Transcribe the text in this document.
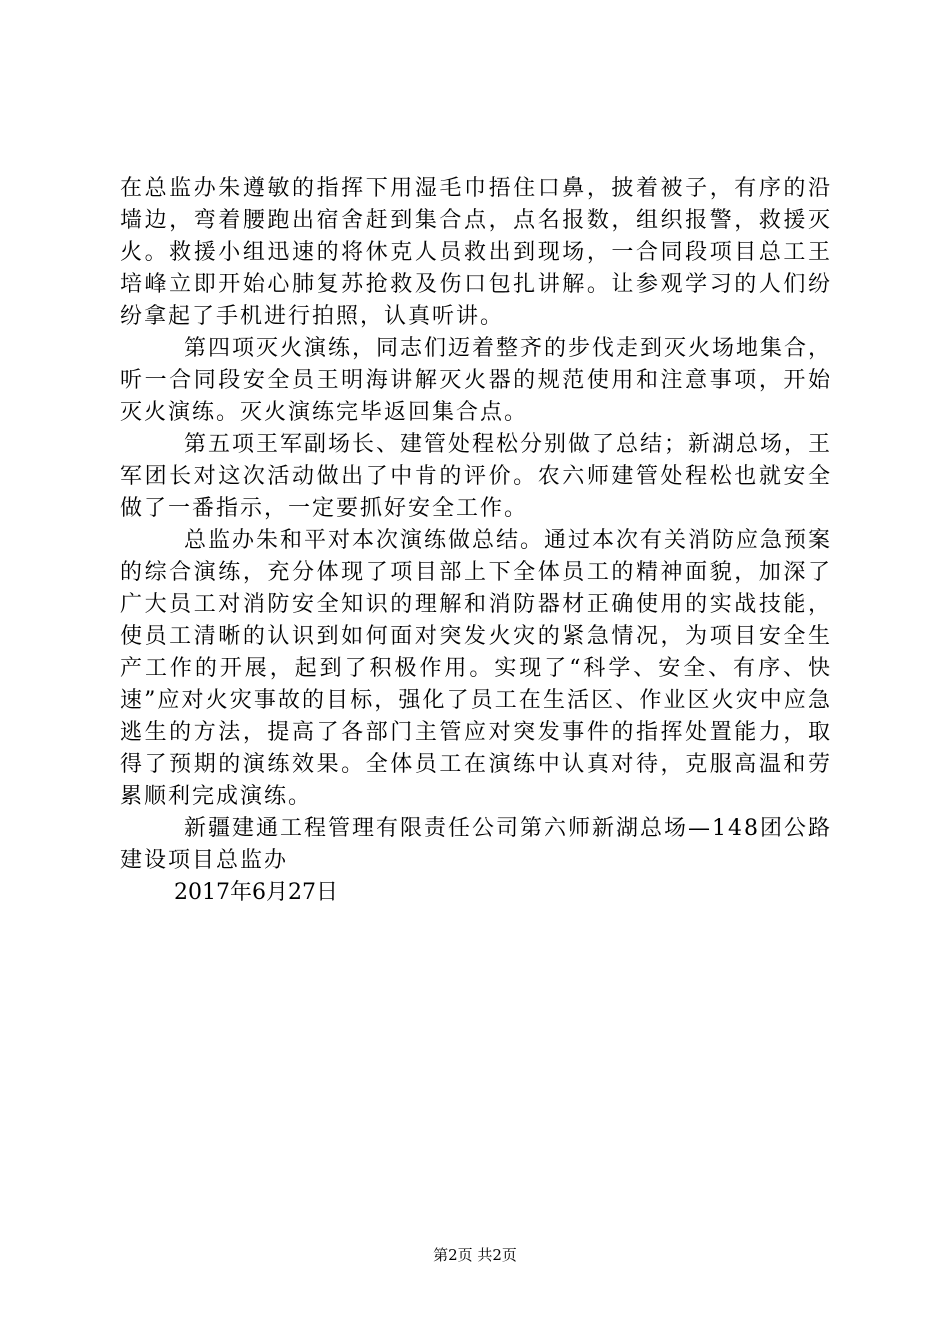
在总监办朱遵敏的指挥下用湿毛巾捂住口鼻，披着被子，有序的沿墙边，弯着腰跑出宿舍赶到集合点，点名报数，组织报警，救援灭火。救援小组迅速的将休克人员救出到现场，一合同段项目总工王培峰立即开始心肺复苏抢救及伤口包扎讲解。让参观学习的人们纷纷拿起了手机进行拍照，认真听讲。

第四项灭火演练，同志们迈着整齐的步伐走到灭火场地集合，听一合同段安全员王明海讲解灭火器的规范使用和注意事项，开始灭火演练。灭火演练完毕返回集合点。

第五项王军副场长、建管处程松分别做了总结；新湖总场，王军团长对这次活动做出了中肯的评价。农六师建管处程松也就安全做了一番指示，一定要抓好安全工作。

总监办朱和平对本次演练做总结。通过本次有关消防应急预案的综合演练，充分体现了项目部上下全体员工的精神面貌，加深了广大员工对消防安全知识的理解和消防器材正确使用的实战技能，使员工清晰的认识到如何面对突发火灾的紧急情况，为项目安全生产工作的开展，起到了积极作用。实现了“科学、安全、有序、快速”应对火灾事故的目标，强化了员工在生活区、作业区火灾中应急逃生的方法，提高了各部门主管应对突发事件的指挥处置能力，取得了预期的演练效果。全体员工在演练中认真对待，克服高温和劳累顺利完成演练。

新疆建通工程管理有限责任公司第六师新湖总场—148团公路建设项目总监办

2017年6月27日

第2页 共2页
